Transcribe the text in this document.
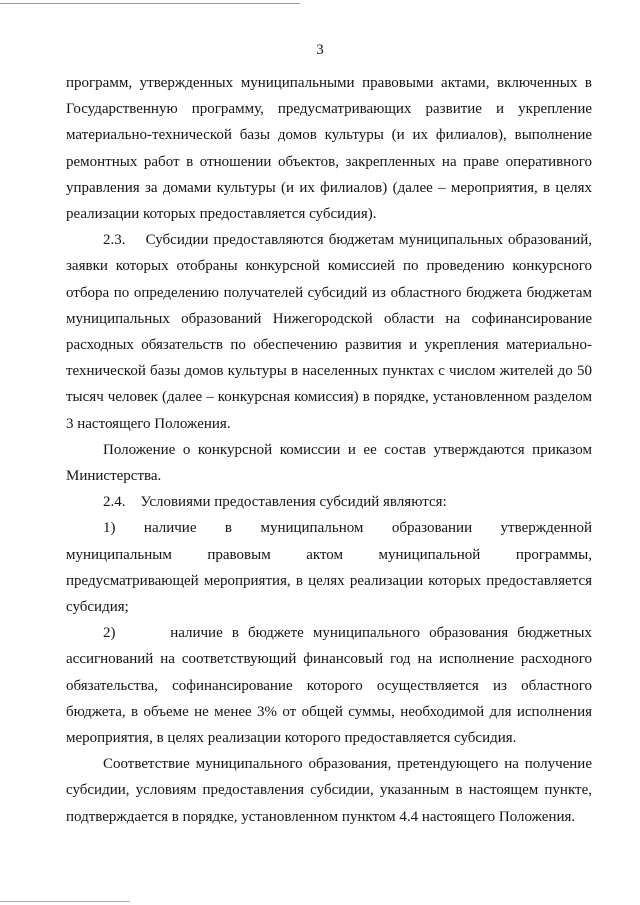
3

программ, утвержденных муниципальными правовыми актами, включенных в Государственную программу, предусматривающих развитие и укрепление материально-технической базы домов культуры (и их филиалов), выполнение ремонтных работ в отношении объектов, закрепленных на праве оперативного управления за домами культуры (и их филиалов) (далее – мероприятия, в целях реализации которых предоставляется субсидия).

2.3. Субсидии предоставляются бюджетам муниципальных образований, заявки которых отобраны конкурсной комиссией по проведению конкурсного отбора по определению получателей субсидий из областного бюджета бюджетам муниципальных образований Нижегородской области на софинансирование расходных обязательств по обеспечению развития и укрепления материально-технической базы домов культуры в населенных пунктах с числом жителей до 50 тысяч человек (далее – конкурсная комиссия) в порядке, установленном разделом 3 настоящего Положения.

Положение о конкурсной комиссии и ее состав утверждаются приказом Министерства.

2.4. Условиями предоставления субсидий являются:

1) наличие в муниципальном образовании утвержденной

муниципальным правовым актом муниципальной программы,

предусматривающей мероприятия, в целях реализации которых предоставляется субсидия;

2)	наличие в бюджете муниципального образования бюджетных ассигнований на соответствующий финансовый год на исполнение расходного обязательства, софинансирование которого осуществляется из областного бюджета, в объеме не менее 3% от общей суммы, необходимой для исполнения мероприятия, в целях реализации которого предоставляется субсидия.

Соответствие муниципального образования, претендующего на получение субсидии, условиям предоставления субсидии, указанным в настоящем пункте, подтверждается в порядке, установленном пунктом 4.4 настоящего Положения.
